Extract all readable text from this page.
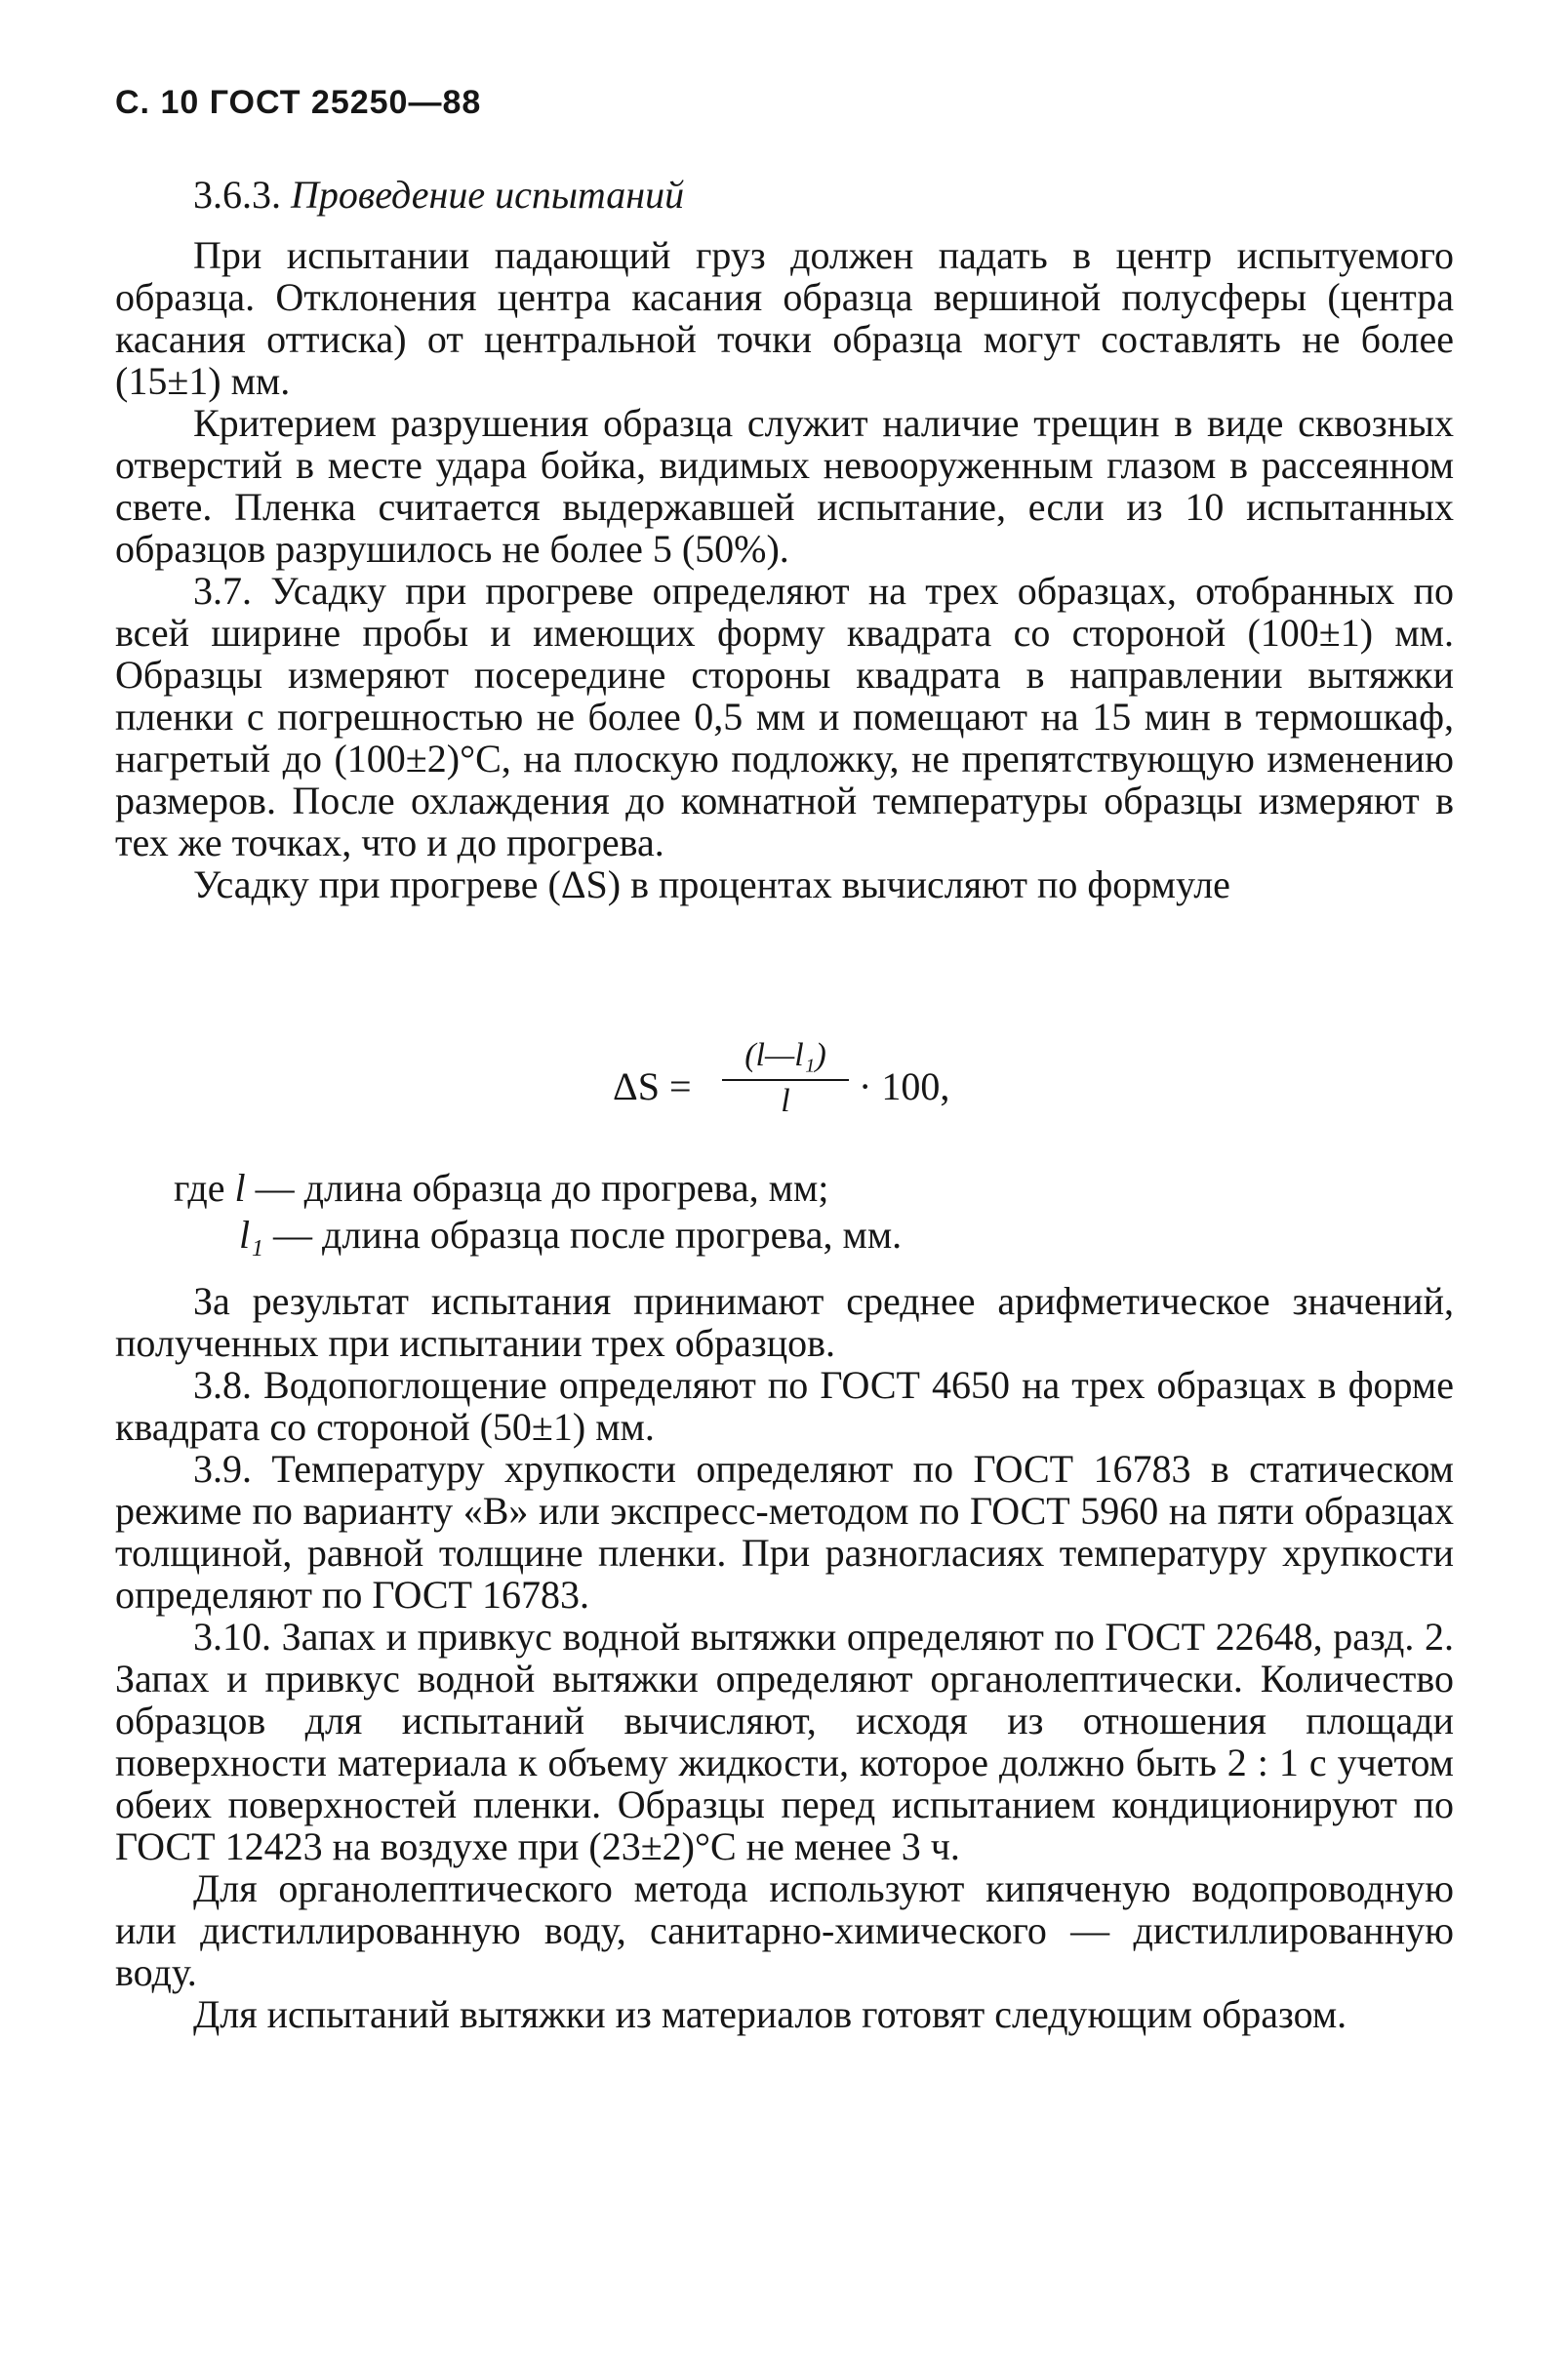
С. 10 ГОСТ 25250—88
3.6.3. Проведение испытаний
При испытании падающий груз должен падать в центр испытуемого образца. Отклонения центра касания образца вершиной полусферы (центра касания оттиска) от центральной точки образца могут составлять не более (15±1) мм.
Критерием разрушения образца служит наличие трещин в виде сквозных отверстий в месте удара бойка, видимых невооруженным глазом в рассеянном свете. Пленка считается выдержавшей испытание, если из 10 испытанных образцов разрушилось не более 5 (50%).
3.7. Усадку при прогреве определяют на трех образцах, отобранных по всей ширине пробы и имеющих форму квадрата со стороной (100±1) мм. Образцы измеряют посередине стороны квадрата в направлении вытяжки пленки с погрешностью не более 0,5 мм и помещают на 15 мин в термошкаф, нагретый до (100±2)°С, на плоскую подложку, не препятствующую изменению размеров. После охлаждения до комнатной температуры образцы измеряют в тех же точках, что и до прогрева.
Усадку при прогреве (ΔS) в процентах вычисляют по формуле
ΔS =
(l—l₁)
l	· 100,
где l — длина образца до прогрева, мм;
l₁ — длина образца после прогрева, мм.
За результат испытания принимают среднее арифметическое значений, полученных при испытании трех образцов.
3.8. Водопоглощение определяют по ГОСТ 4650 на трех образцах в форме квадрата со стороной (50±1) мм.
3.9. Температуру хрупкости определяют по ГОСТ 16783 в статическом режиме по варианту «В» или экспресс-методом по ГОСТ 5960 на пяти образцах толщиной, равной толщине пленки. При разногласиях температуру хрупкости определяют по ГОСТ 16783.
3.10. Запах и привкус водной вытяжки определяют по ГОСТ 22648, разд. 2. Запах и привкус водной вытяжки определяют органолептически. Количество образцов для испытаний вычисляют, исходя из отношения площади поверхности материала к объему жидкости, которое должно быть 2 : 1 с учетом обеих поверхностей пленки. Образцы перед испытанием кондиционируют по ГОСТ 12423 на воздухе при (23±2)°С не менее 3 ч.
Для органолептического метода используют кипяченую водопроводную или дистиллированную воду, санитарно-химического — дистиллированную воду.
Для испытаний вытяжки из материалов готовят следующим образом.
